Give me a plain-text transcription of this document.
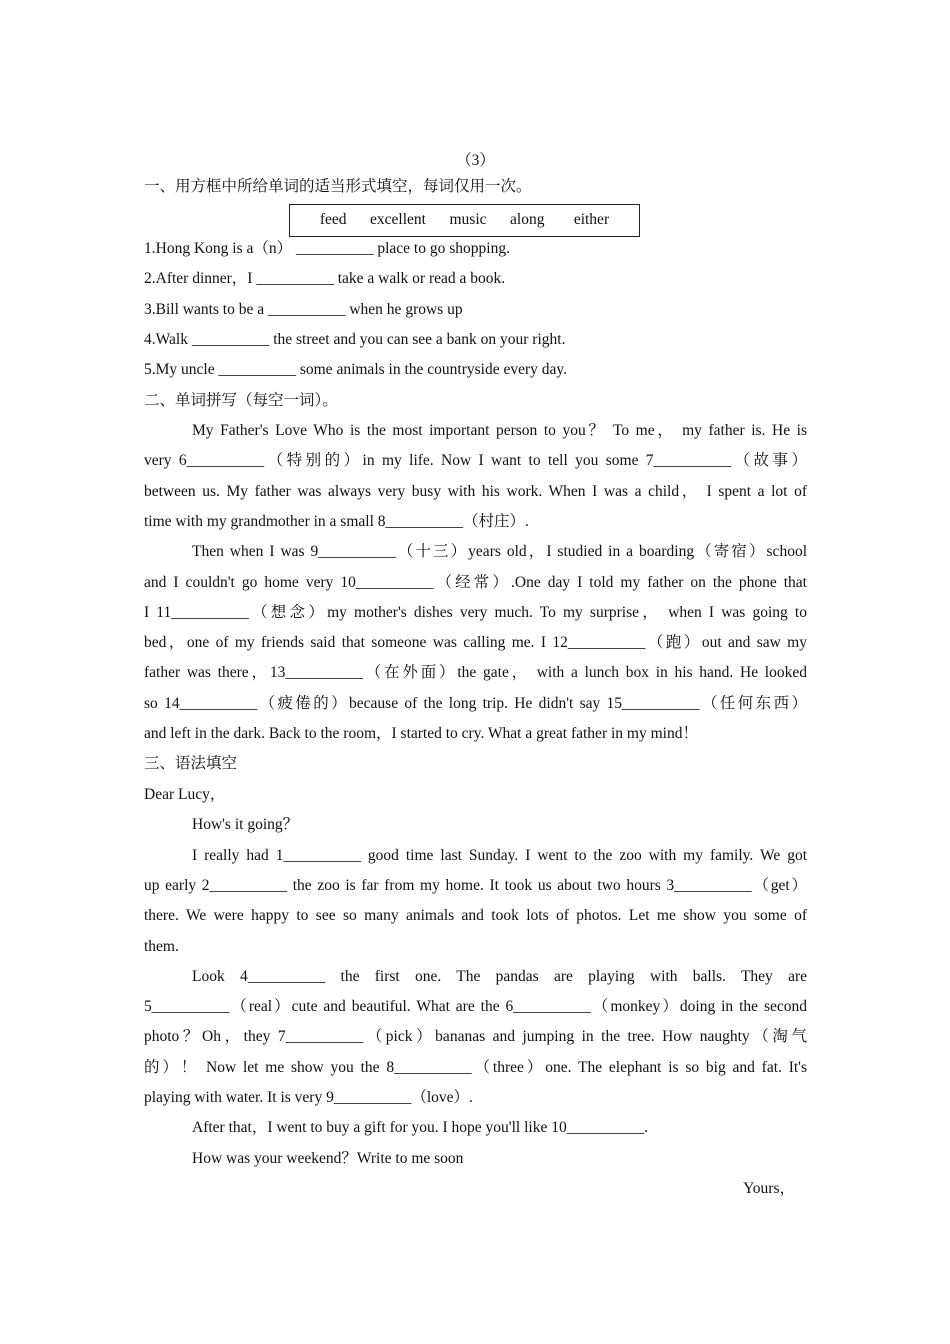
（3）
一、用方框中所给单词的适当形式填空，每词仅用一次。
feed    excellent    music    along     either
1.Hong Kong is a（n） __________ place to go shopping.
2.After dinner，I __________ take a walk or read a book.
3.Bill wants to be a __________ when he grows up
4.Walk __________ the street and you can see a bank on your right.
5.My uncle __________ some animals in the countryside every day.
二、单词拼写（每空一词）。
My Father's Love Who is the most important person to you？ To me， my father is. He is
very 6__________（特别的）in my life. Now I want to tell you some 7__________（故事）
between us. My father was always very busy with his work. When I was a child， I spent a lot of
time with my grandmother in a small 8__________（村庄）.
Then when I was 9__________（十三）years old，I studied in a boarding（寄宿）school
and I couldn't go home very 10__________（经常）.One day I told my father on the phone that
I 11__________（想念）my mother's dishes very much. To my surprise， when I was going to
bed，one of my friends said that someone was calling me. I 12__________（跑）out and saw my
father was there，13__________（在外面）the gate， with a lunch box in his hand. He looked
so 14__________（疲倦的）because of the long trip. He didn't say 15__________（任何东西）
and left in the dark. Back to the room，I started to cry. What a great father in my mind！
三、语法填空
Dear Lucy，
How's it going？
I really had 1__________ good time last Sunday. I went to the zoo with my family. We got
up early 2__________ the zoo is far from my home. It took us about two hours 3__________（get）
there. We were happy to see so many animals and took lots of photos. Let me show you some of
them.
Look 4__________ the first one. The pandas are playing with balls. They are
5__________（real）cute and beautiful. What are the 6__________（monkey）doing in the second
photo？Oh，they 7__________（pick）bananas and jumping in the tree. How naughty（淘气
的）！ Now let me show you the 8__________（three）one. The elephant is so big and fat. It's
playing with water. It is very 9__________（love）.
After that，I went to buy a gift for you. I hope you'll like 10__________.
How was your weekend？Write to me soon
Yours，
